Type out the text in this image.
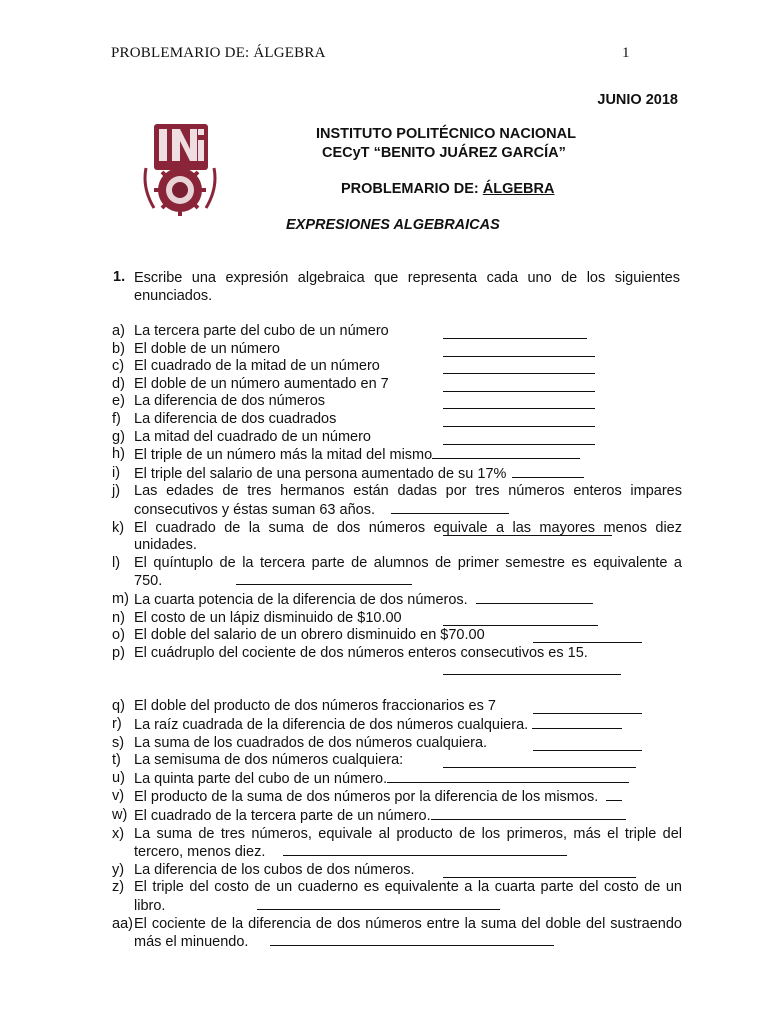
PROBLEMARIO DE: ÁLGEBRA	1
JUNIO 2018
INSTITUTO POLITÉCNICO NACIONAL
CECyT “BENITO JUÁREZ GARCÍA”
PROBLEMARIO DE: ÁLGEBRA
EXPRESIONES ALGEBRAICAS
1. Escribe una expresión algebraica que representa cada uno de los siguientes enunciados.
a) La tercera parte del cubo de un número
b) El doble de un número
c) El cuadrado de la mitad de un número
d) El doble de un número aumentado en 7
e) La diferencia de dos números
f) La diferencia de dos cuadrados
g) La mitad del cuadrado de un número
h) El triple de un número más la mitad del mismo
i) El triple del salario de una persona aumentado de su 17%
j) Las edades de tres hermanos están dadas por tres números enteros impares consecutivos y éstas suman 63 años.
k) El cuadrado de la suma de dos números equivale a las mayores menos diez unidades.
l) El quíntuplo de la tercera parte de alumnos de primer semestre es equivalente a 750.
m) La cuarta potencia de la diferencia de dos números.
n) El costo de un lápiz disminuido de $10.00
o) El doble del salario de un obrero disminuido en $70.00
p) El cuádruplo del cociente de dos números enteros consecutivos es 15.

q) El doble del producto de dos números fraccionarios es 7
r) La raíz cuadrada de la diferencia de dos números cualquiera.
s) La suma de los cuadrados de dos números cualquiera.
t) La semisuma de dos números cualquiera:
u) La quinta parte del cubo de un número.
v) El producto de la suma de dos números por la diferencia de los mismos.
w) El cuadrado de la tercera parte de un número.
x) La suma de tres números, equivale al producto de los primeros, más el triple del tercero, menos diez.
y) La diferencia de los cubos de dos números.
z) El triple del costo de un cuaderno es equivalente a la cuarta parte del costo de un libro.
aa) El cociente de la diferencia de dos números entre la suma del doble del sustraendo más el minuendo.
